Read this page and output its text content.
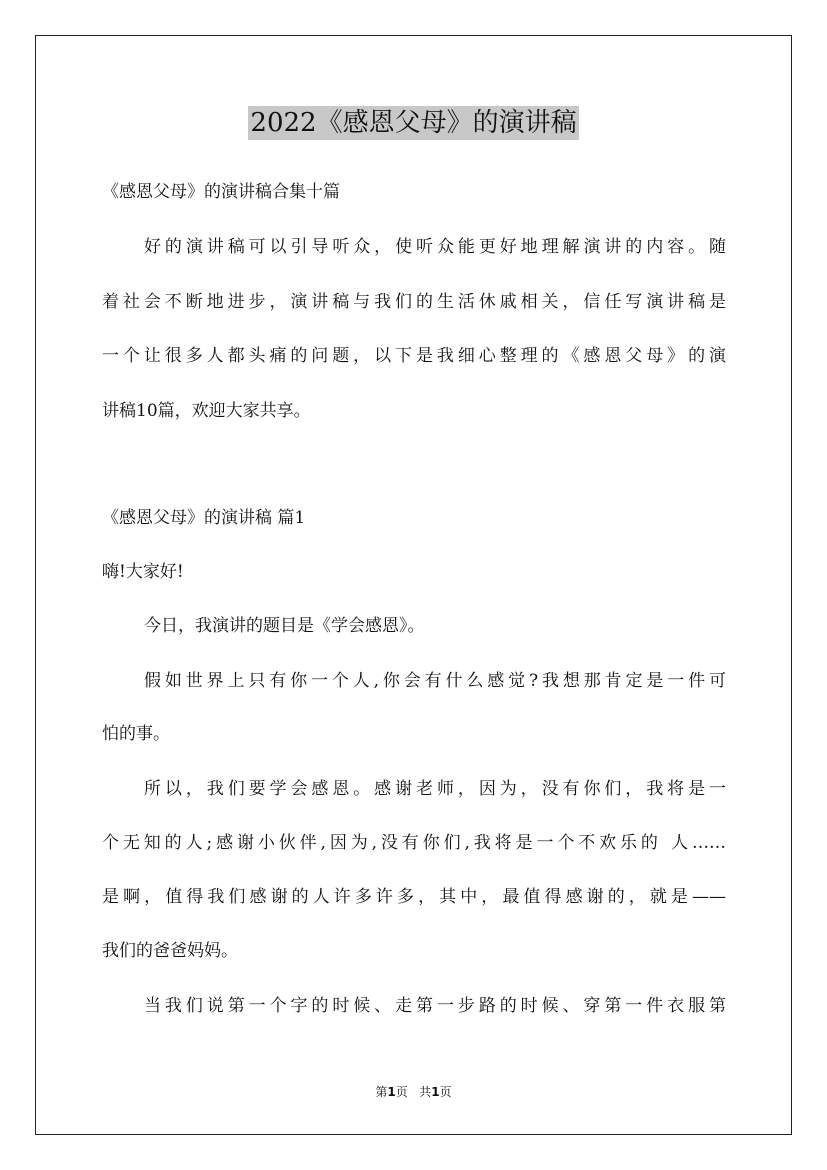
2022《感恩父母》的演讲稿

《感恩父母》的演讲稿合集十篇

好的演讲稿可以引导听众，使听众能更好地理解演讲的内容。随

着社会不断地进步，演讲稿与我们的生活休戚相关，信任写演讲稿是

一个让很多人都头痛的问题，以下是我细心整理的《感恩父母》的演

讲稿10篇，欢迎大家共享。

《感恩父母》的演讲稿 篇1

嗨!大家好!

今日，我演讲的题目是《学会感恩》。

假如世界上只有你一个人,你会有什么感觉?我想那肯定是一件可

怕的事。

所以，我们要学会感恩。感谢老师，因为，没有你们，我将是一

个无知的人;感谢小伙伴,因为,没有你们,我将是一个不欢乐的 人……

是啊，值得我们感谢的人许多许多，其中，最值得感谢的，就是——

我们的爸爸妈妈。

当我们说第一个字的时候、走第一步路的时候、穿第一件衣服第

第1页 共1页
